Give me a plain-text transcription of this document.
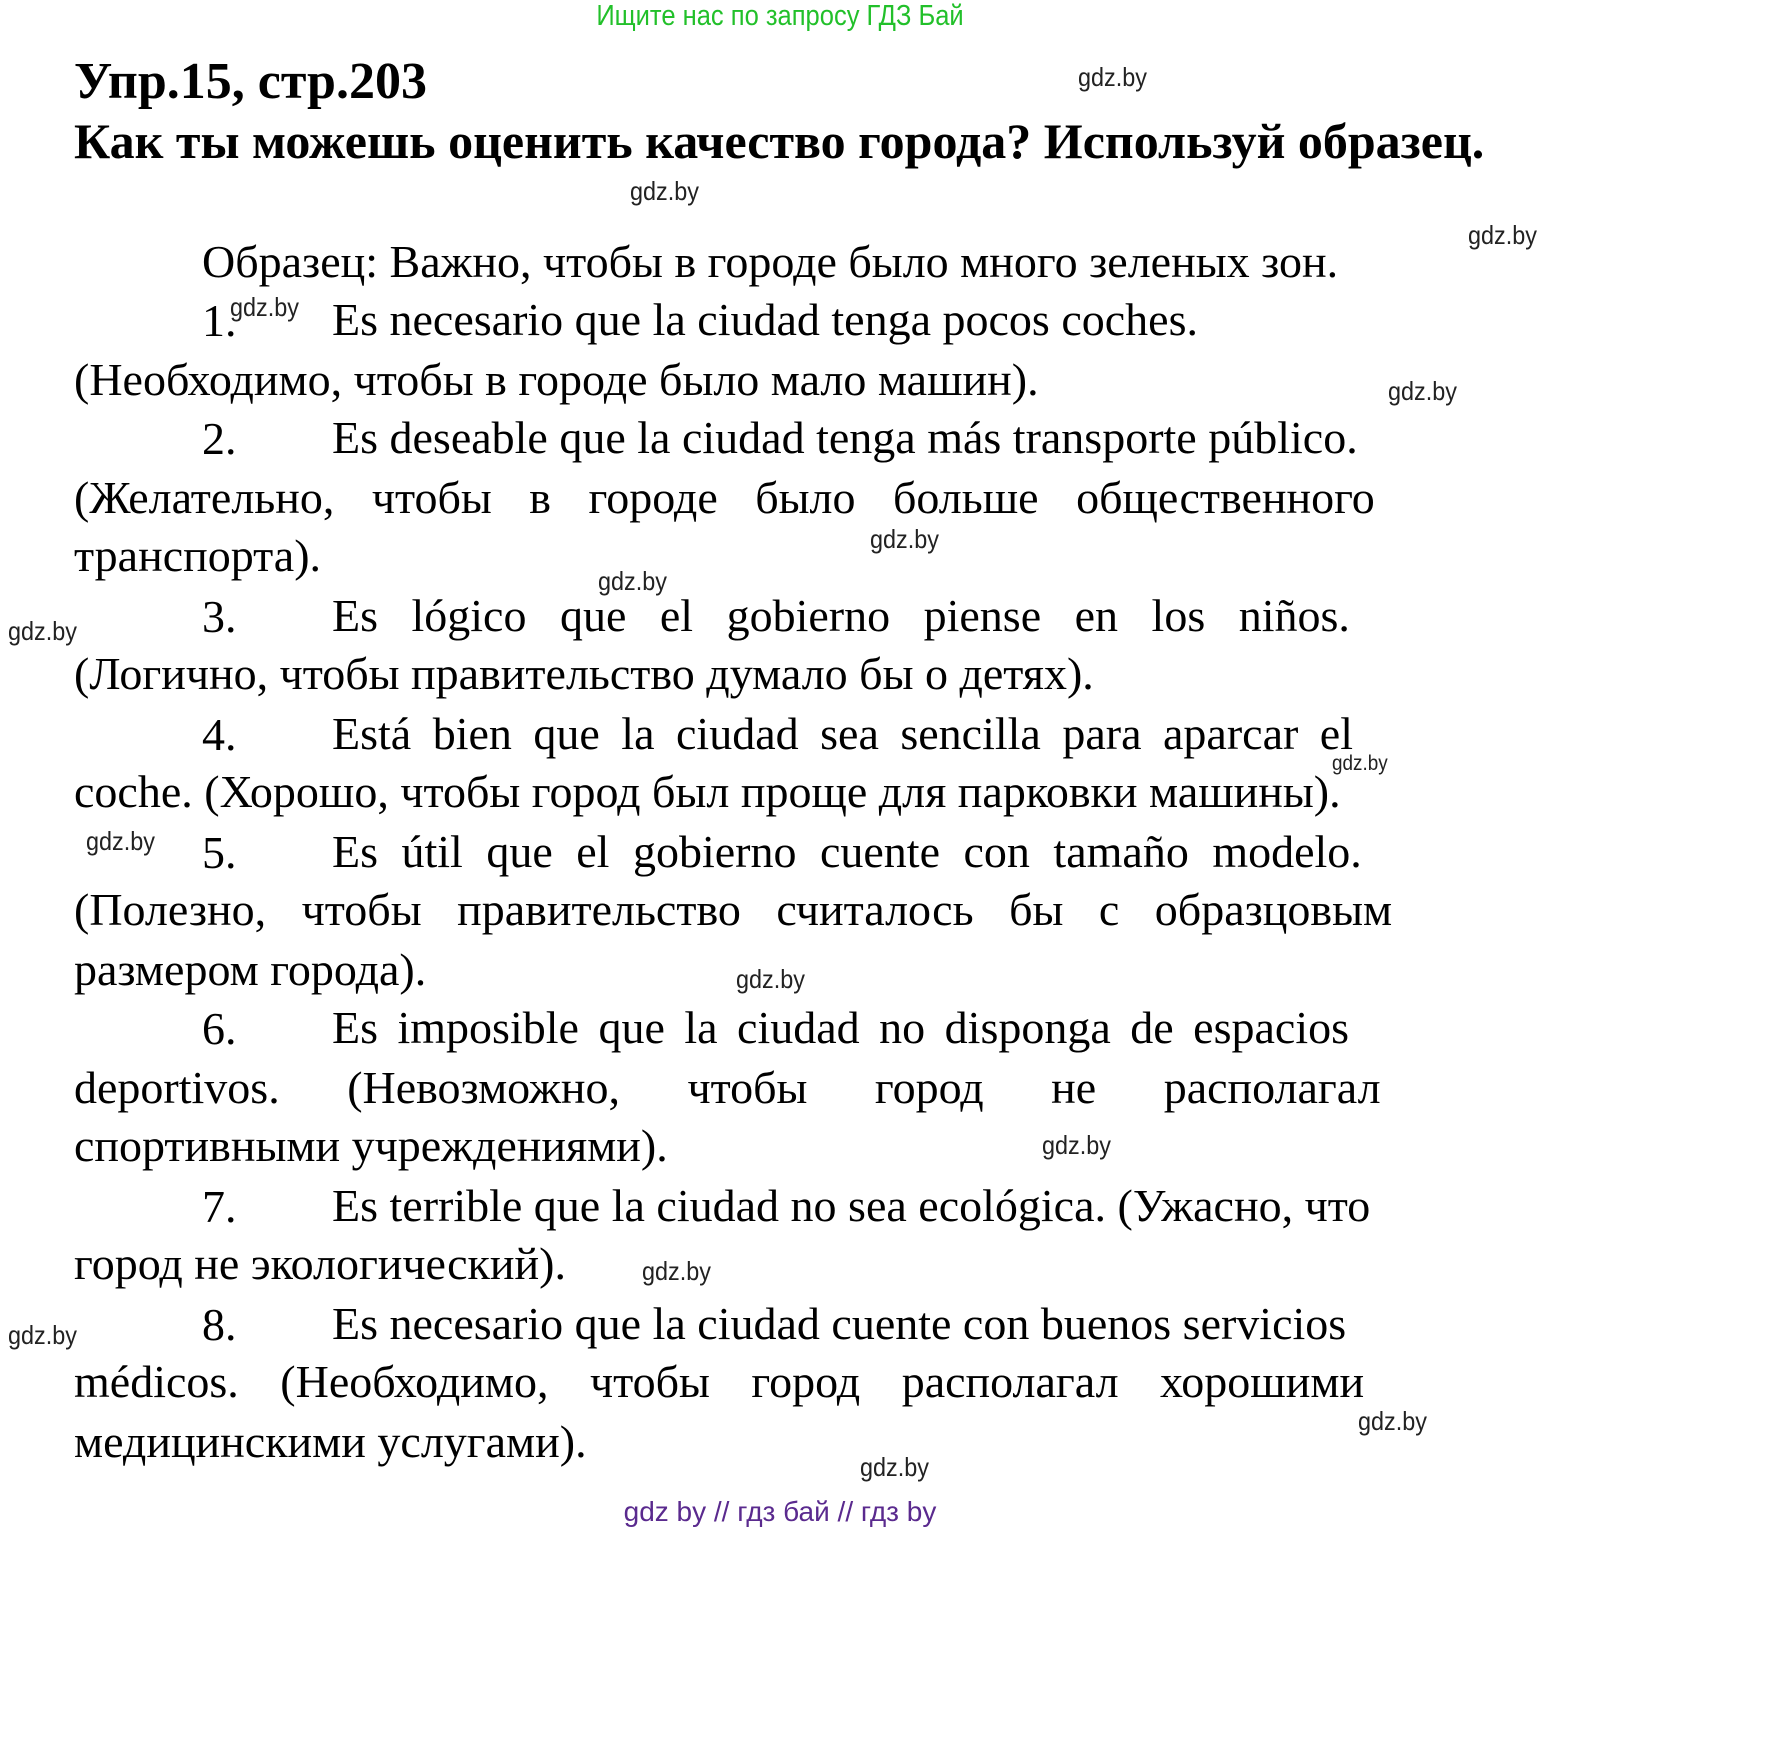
Ищите нас по запросу ГДЗ Бай
Упр.15, стр.203
Как ты можешь оценить качество города? Используй образец.
Образец: Важно, чтобы в городе было много зеленых зон.
1. Es necesario que la ciudad tenga pocos coches.
(Необходимо, чтобы в городе было мало машин).
2. Es deseable que la ciudad tenga más transporte público.
(Желательно, чтобы в городе было больше общественного
транспорта).
3. Es lógico que el gobierno piense en los niños.
(Логично, чтобы правительство думало бы о детях).
4. Está bien que la ciudad sea sencilla para aparcar el
coche. (Хорошо, чтобы город был проще для парковки машины).
5. Es útil que el gobierno cuente con tamaño modelo.
(Полезно, чтобы правительство считалось бы с образцовым
размером города).
6. Es imposible que la ciudad no disponga de espacios
deportivos. (Невозможно, чтобы город не располагал
спортивными учреждениями).
7. Es terrible que la ciudad no sea ecológica. (Ужасно, что
город не экологический).
8. Es necesario que la ciudad cuente con buenos servicios
médicos. (Необходимо, чтобы город располагал хорошими
медицинскими услугами).
gdz.by
gdz.by
gdz.by
gdz.by
gdz.by
gdz.by
gdz.by
gdz.by
gdz.by
gdz.by
gdz.by
gdz.by
gdz.by
gdz.by
gdz.by
gdz.by
gdz by // гдз бай // гдз by
